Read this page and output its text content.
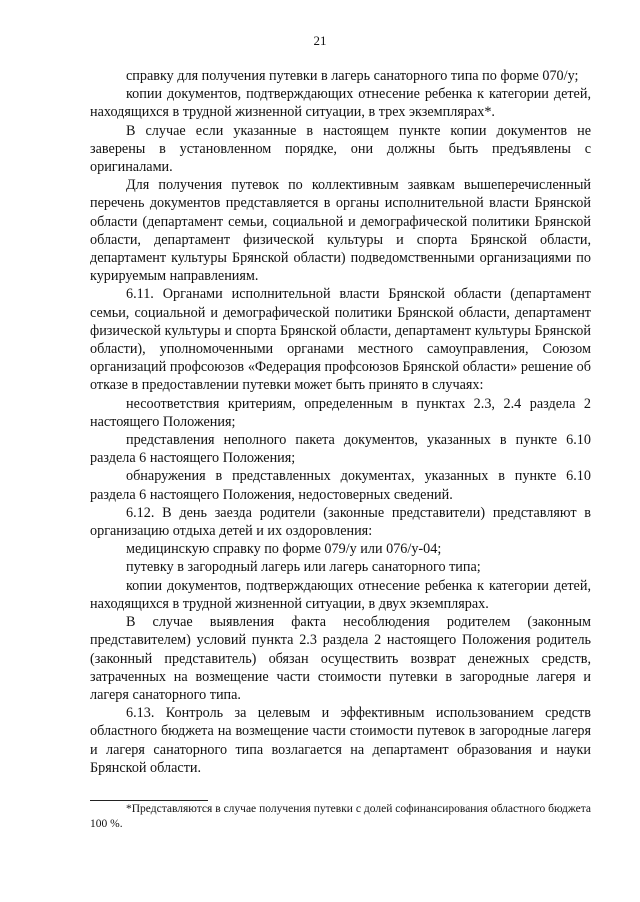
21

справку для получения путевки в лагерь санаторного типа по форме 070/у;

копии документов, подтверждающих отнесение ребенка к категории детей, находящихся в трудной жизненной ситуации, в трех экземплярах*.

В случае если указанные в настоящем пункте копии документов не заверены в установленном порядке, они должны быть предъявлены с оригиналами.

Для получения путевок по коллективным заявкам вышеперечисленный перечень документов представляется в органы исполнительной власти Брянской области (департамент семьи, социальной и демографической политики Брянской области, департамент физической культуры и спорта Брянской области, департамент культуры Брянской области) подведомственными организациями по курируемым направлениям.

6.11. Органами исполнительной власти Брянской области (департамент семьи, социальной и демографической политики Брянской области, департамент физической культуры и спорта Брянской области, департамент культуры Брянской области), уполномоченными органами местного самоуправления, Союзом организаций профсоюзов «Федерация профсоюзов Брянской области» решение об отказе в предоставлении путевки может быть принято в случаях:

несоответствия критериям, определенным в пунктах 2.3, 2.4 раздела 2 настоящего Положения;

представления неполного пакета документов, указанных в пункте 6.10 раздела 6 настоящего Положения;

обнаружения в представленных документах, указанных в пункте 6.10 раздела 6 настоящего Положения, недостоверных сведений.

6.12. В день заезда родители (законные представители) представляют в организацию отдыха детей и их оздоровления:

медицинскую справку по форме 079/у или 076/у-04;

путевку в загородный лагерь или лагерь санаторного типа;

копии документов, подтверждающих отнесение ребенка к категории детей, находящихся в трудной жизненной ситуации, в двух экземплярах.

В случае выявления факта несоблюдения родителем (законным представителем) условий пункта 2.3 раздела 2 настоящего Положения родитель (законный представитель) обязан осуществить возврат денежных средств, затраченных на возмещение части стоимости путевки в загородные лагеря и лагеря санаторного типа.

6.13. Контроль за целевым и эффективным использованием средств областного бюджета на возмещение части стоимости путевок в загородные лагеря и лагеря санаторного типа возлагается на департамент образования и науки Брянской области.

*Представляются в случае получения путевки с долей софинансирования областного бюджета 100 %.
